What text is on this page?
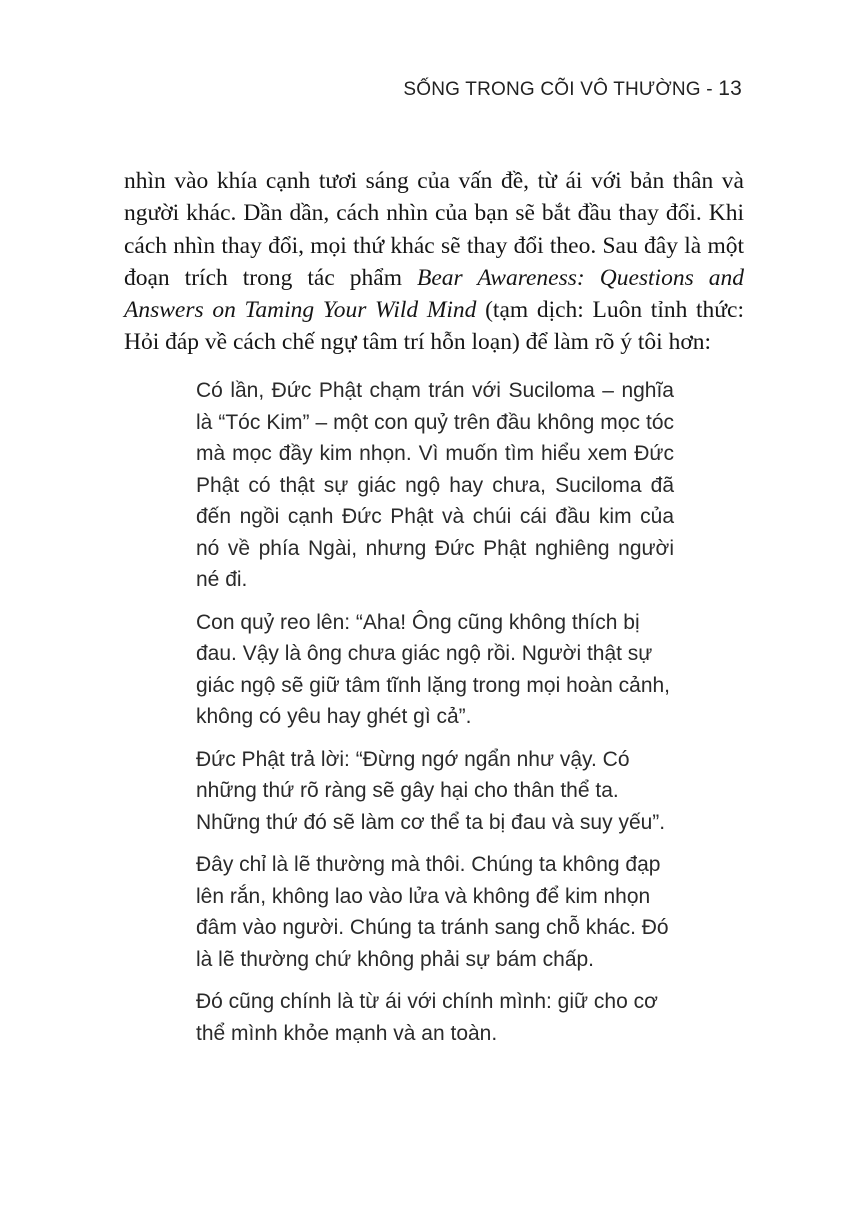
SỐNG TRONG CÕI VÔ THƯỜNG - 13

nhìn vào khía cạnh tươi sáng của vấn đề, từ ái với bản thân và người khác. Dần dần, cách nhìn của bạn sẽ bắt đầu thay đổi. Khi cách nhìn thay đổi, mọi thứ khác sẽ thay đổi theo. Sau đây là một đoạn trích trong tác phẩm Bear Awareness: Questions and Answers on Taming Your Wild Mind (tạm dịch: Luôn tỉnh thức: Hỏi đáp về cách chế ngự tâm trí hỗn loạn) để làm rõ ý tôi hơn:

Có lần, Đức Phật chạm trán với Suciloma – nghĩa là “Tóc Kim” – một con quỷ trên đầu không mọc tóc mà mọc đầy kim nhọn. Vì muốn tìm hiểu xem Đức Phật có thật sự giác ngộ hay chưa, Suciloma đã đến ngồi cạnh Đức Phật và chúi cái đầu kim của nó về phía Ngài, nhưng Đức Phật nghiêng người né đi.

Con quỷ reo lên: “Aha! Ông cũng không thích bị đau. Vậy là ông chưa giác ngộ rồi. Người thật sự giác ngộ sẽ giữ tâm tĩnh lặng trong mọi hoàn cảnh, không có yêu hay ghét gì cả”.

Đức Phật trả lời: “Đừng ngớ ngẩn như vậy. Có những thứ rõ ràng sẽ gây hại cho thân thể ta. Những thứ đó sẽ làm cơ thể ta bị đau và suy yếu”.

Đây chỉ là lẽ thường mà thôi. Chúng ta không đạp lên rắn, không lao vào lửa và không để kim nhọn đâm vào người. Chúng ta tránh sang chỗ khác. Đó là lẽ thường chứ không phải sự bám chấp.

Đó cũng chính là từ ái với chính mình: giữ cho cơ thể mình khỏe mạnh và an toàn.
